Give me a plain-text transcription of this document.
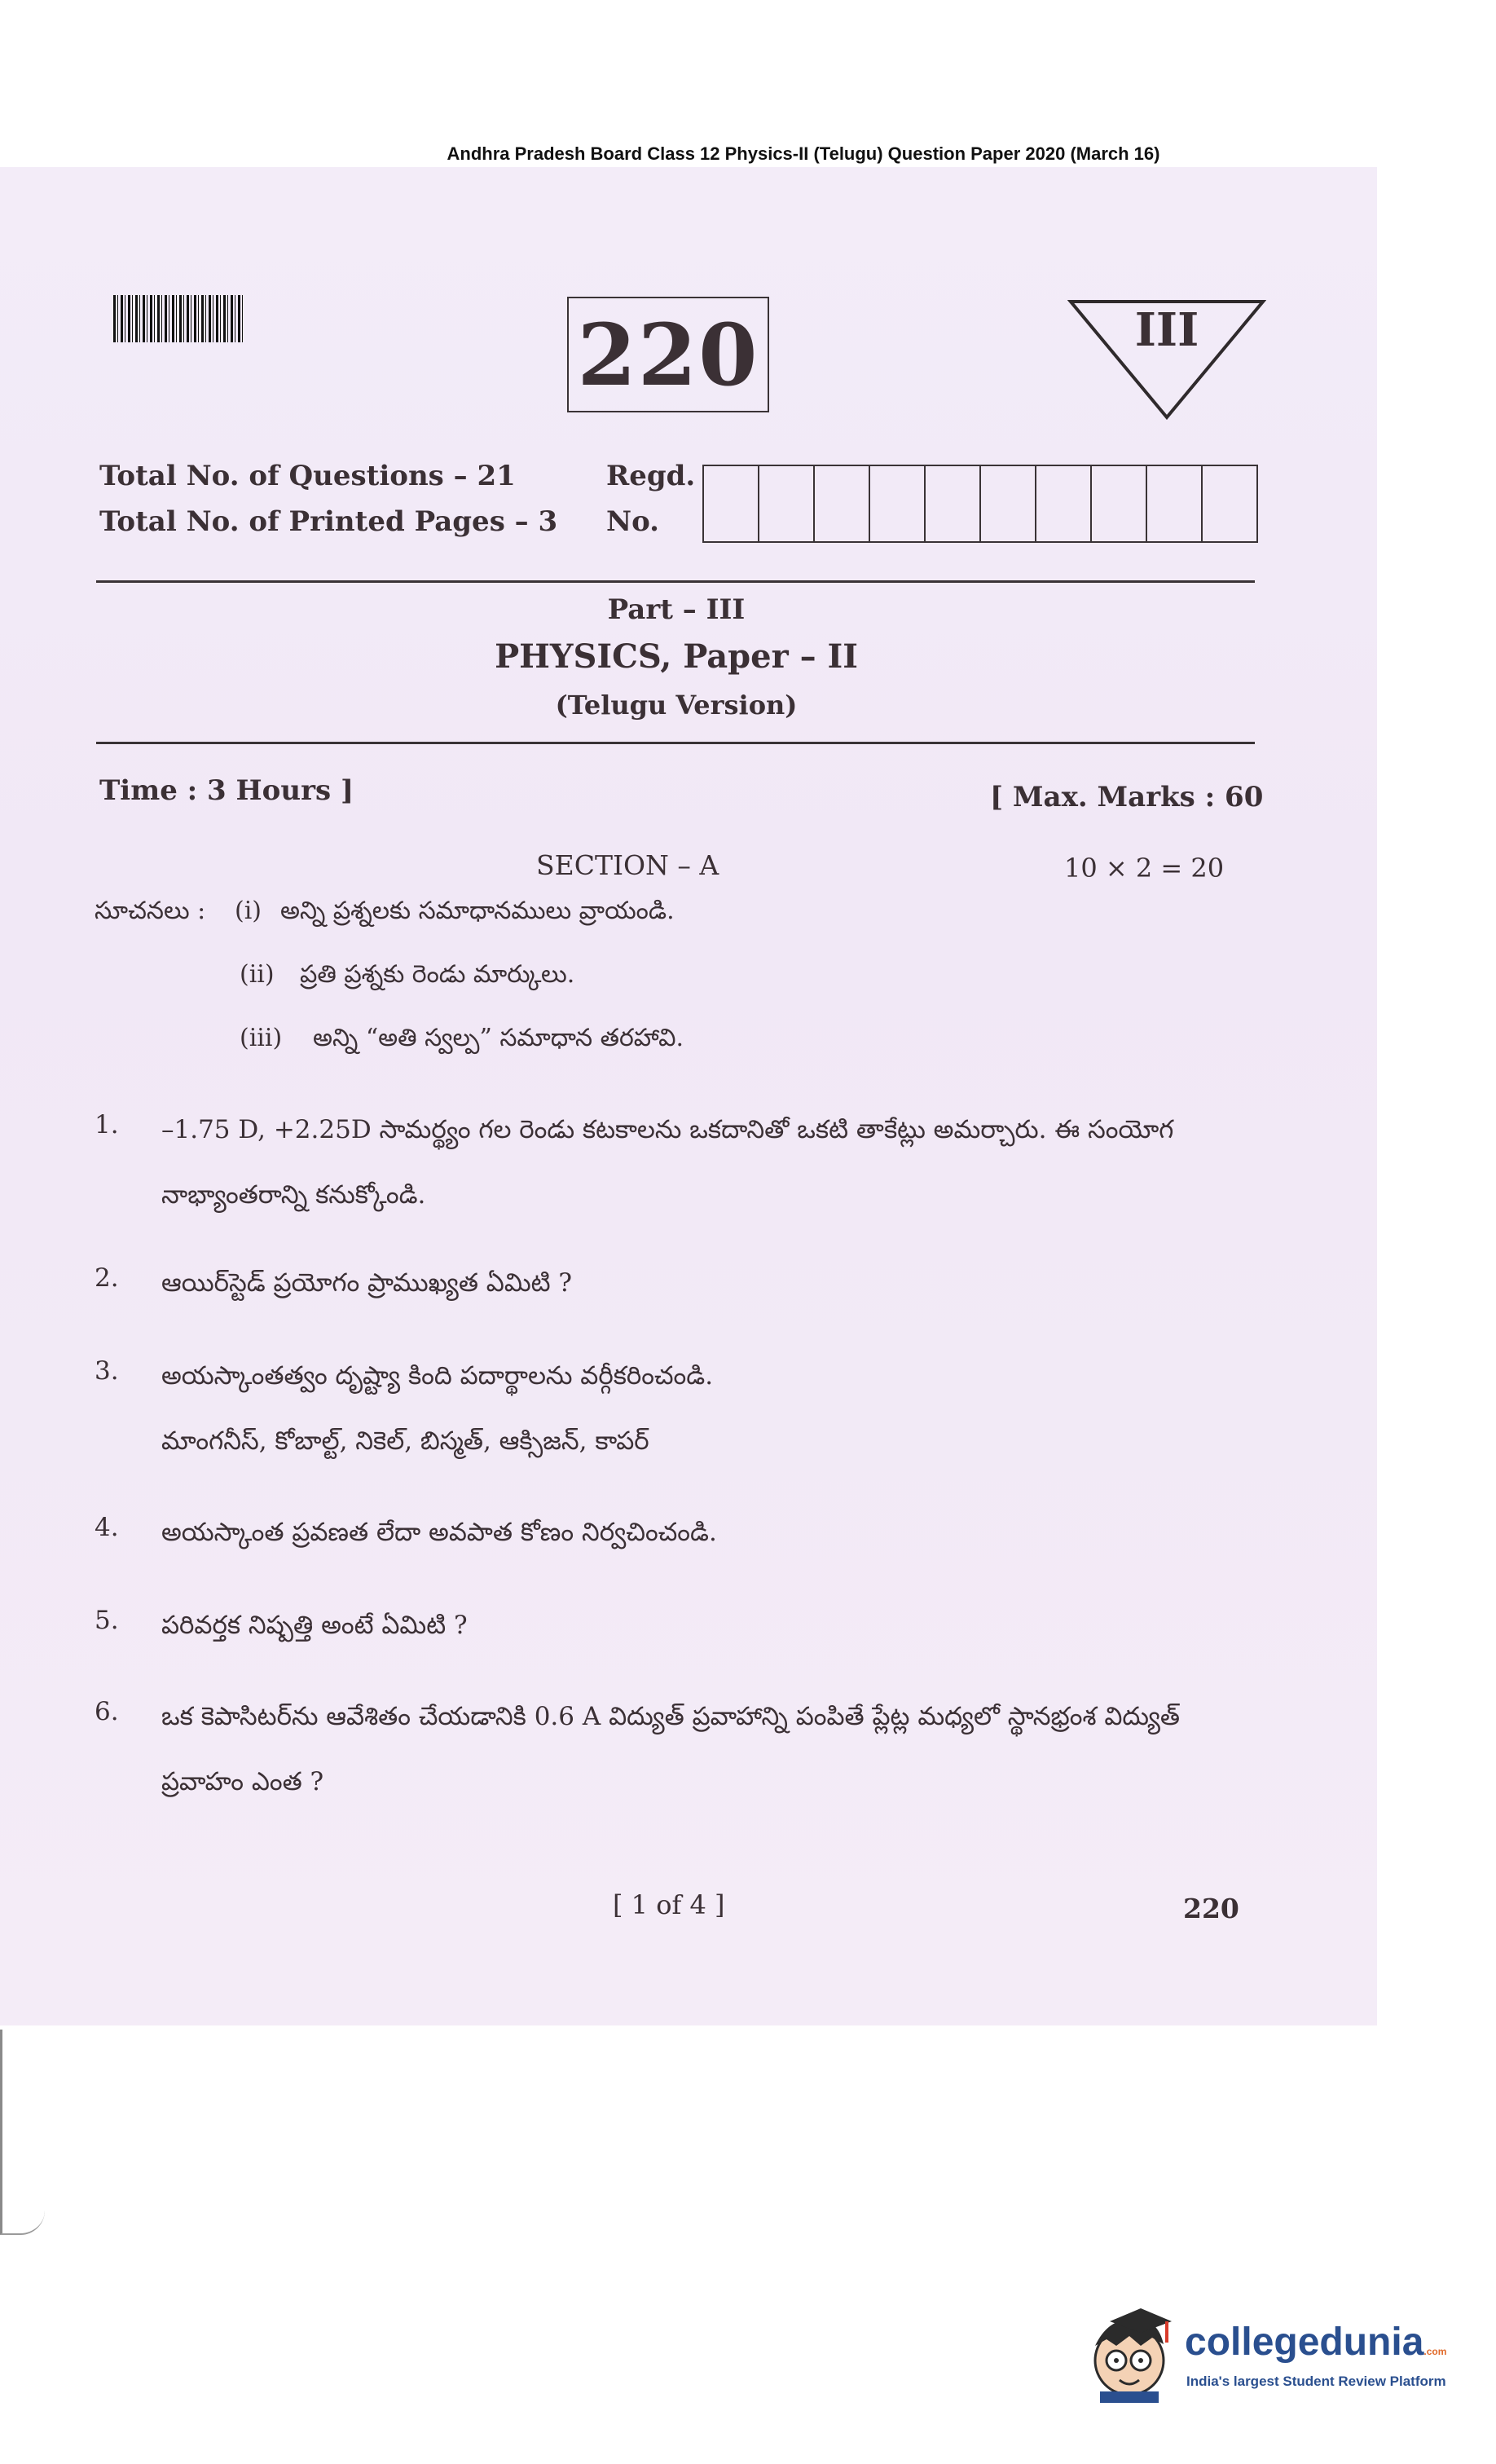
Andhra Pradesh Board Class 12 Physics-II (Telugu) Question Paper 2020 (March 16)
220	III
Total No. of Questions – 21
Total No. of Printed Pages – 3
Regd.
No.
Part – III
PHYSICS, Paper – II
(Telugu Version)
Time : 3 Hours ]	[ Max. Marks : 60
SECTION – A	10 × 2 = 20
సూచనలు : (i) అన్ని ప్రశ్నలకు సమాధానములు వ్రాయండి.
(ii) ప్రతి ప్రశ్నకు రెండు మార్కులు.
(iii) అన్ని “అతి స్వల్ప” సమాధాన తరహావి.
1. –1.75 D, +2.25D సామర్థ్యం గల రెండు కటకాలను ఒకదానితో ఒకటి తాకేట్లు అమర్చారు. ఈ సంయోగ నాభ్యాంతరాన్ని కనుక్కోండి.
2. ఆయిర్‌స్టెడ్ ప్రయోగం ప్రాముఖ్యత ఏమిటి ?
3. అయస్కాంతత్వం దృష్ట్యా కింది పదార్థాలను వర్గీకరించండి. మాంగనీస్, కోబాల్ట్, నికెల్, బిస్మత్, ఆక్సిజన్, కాపర్
4. అయస్కాంత ప్రవణత లేదా అవపాత కోణం నిర్వచించండి.
5. పరివర్తక నిష్పత్తి అంటే ఏమిటి ?
6. ఒక కెపాసిటర్‌ను ఆవేశితం చేయడానికి 0.6 A విద్యుత్ ప్రవాహాన్ని పంపితే ప్లేట్ల మధ్యలో స్థానభ్రంశ విద్యుత్ ప్రవాహం ఎంత ?
[ 1 of 4 ]	220
collegedunia.com
India's largest Student Review Platform
